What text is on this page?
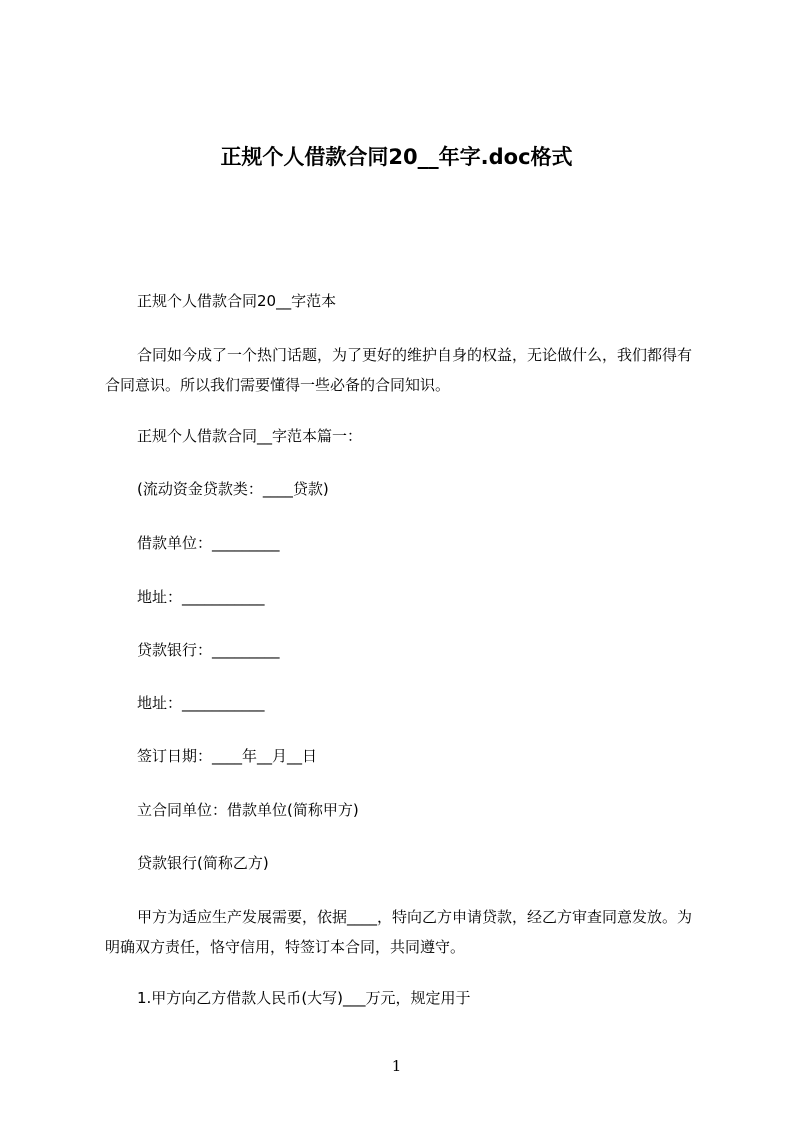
正规个人借款合同20__年字.doc格式
正规个人借款合同20__字范本
合同如今成了一个热门话题，为了更好的维护自身的权益，无论做什么，我们都得有合同意识。所以我们需要懂得一些必备的合同知识。
正规个人借款合同__字范本篇一：
(流动资金贷款类：____贷款)
借款单位：_________
地址：___________
贷款银行：_________
地址：___________
签订日期：____年__月__日
立合同单位：借款单位(简称甲方)
贷款银行(简称乙方)
甲方为适应生产发展需要，依据____，特向乙方申请贷款，经乙方审查同意发放。为明确双方责任，恪守信用，特签订本合同，共同遵守。
1.甲方向乙方借款人民币(大写)___万元，规定用于
1
